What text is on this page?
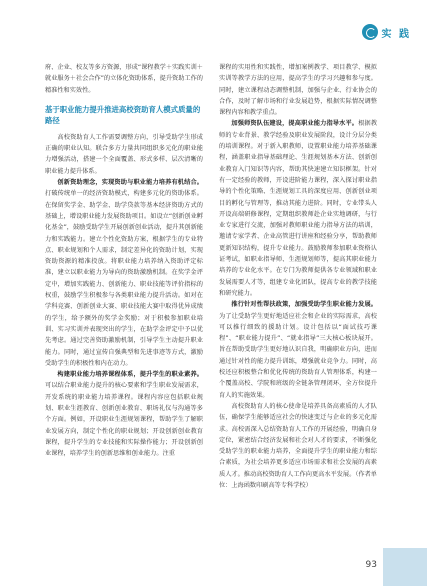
实 践

府、企业、校友等多方资源，形成“课程教学＋实践实训＋就业服务＋社会合作”的立体化资助体系，提升资助工作的精准性和实效性。

基于职业能力提升推进高校资助育人模式质量的路径

高校资助育人工作需要调整方向，引导受助学生形成正确的职业认知。联合多方力量共同组织多元化的职业能力增强活动，搭建一个全面覆盖、形式多样、层次清晰的职业能力提升体系。

创新资助理念，实现资助与职业能力培养有机结合。打破传统单一的经济资助模式，构建多元化的资助体系。在保留奖学金、助学金、助学贷款等基本经济资助方式的基础上，增设职业能力发展资助项目。如设立“创新创业孵化基金”，鼓励受助学生开展创新创业活动，提升其创新能力和实践能力。建立个性化资助方案，根据学生的专业特点、职业规划和个人需求，制定差异化的资助计划，实现资助资源的精准投放。将职业能力培养纳入资助评定标准，建立以职业能力为导向的资助激励机制。在奖学金评定中，增加实践能力、创新能力、职业技能等评价指标的权重，鼓励学生积极参与各类职业能力提升活动。如对在学科竞赛、创新创业大赛、职业技能大赛中取得优异成绩的学生，给予额外的奖学金奖励；对于积极参加职业培训、实习实训并表现突出的学生，在助学金评定中予以优先考虑。通过完善资助激励机制，引导学生主动提升职业能力。同时，通过宣传自强典型和先进事迹等方式，激励受助学生的积极性和内在动力。

构建职业能力培养课程体系，提升学生的职业素养。可以结合职业能力提升的核心要素和学生职业发展需求，开发系统的职业能力培养课程。课程内容应包括职业规划、职业生涯教育、创新创业教育、职场礼仪与沟通等多个方面。例如，开设职业生涯规划课程，帮助学生了解职业发展方向，制定个性化的职业规划；开设创新创业教育课程，提升学生的专业技能和实际操作能力；开设创新创业课程，培养学生的创新思维和创业能力。注重

课程的实用性和实践性，增加案例教学、项目教学、模拟实训等教学方法的应用，提高学生的学习兴趣和参与度。同时，建立课程动态调整机制，加强与企业、行业协会的合作，及时了解市场和行业发展趋势，根据实际情况调整课程内容和教学重点。

加强师资队伍建设，提高职业能力指导水平。根据教师的专业背景、教学经验及职业发展阶段，设计分层分类的培训课程。对于新入职教师，设置职业能力培养基础课程，涵盖职业指导基础理论、生涯规划基本方法、创新创业教育入门知识等内容，帮助其快速建立知识框架。针对有一定经验的教师，开设进阶能力课程，深入探讨职业指导的个性化策略、生涯规划工具的深度应用、创新创业项目的孵化与管理等，推动其能力进阶。同时，专业带头人开设高端研修课程，定期组织教师赴企业实地调研，与行业专家进行交流，加强对教师职业能力指导方法的培训，邀请专家学者、企业高管进行讲座和经验分享，帮助教师更新知识结构，提升专业能力。鼓励教师参加职业资格认证考试，如职业指导师、生涯规划师等，提高其职业能力培养的专业化水平。在专门为教师提供各专业领域和职业发展需要人才等，组建专业化团队，提高专业的教学技能和研究能力。

推行针对性帮扶政策，加强受助学生职业能力发展。为了让受助学生更好地适应社会和企业的实际需求，高校可以推行细致的援助计划。设计包括以“面试技巧课程”、“职业能力提升”、“就业指导”三大核心板块展开。旨在帮助受助学生更好地认识自我，明确职业方向，进而通过针对性的能力提升训练，增强就业竞争力。同时，高校还应积极整合和优化传统的资助育人管理体系，构建一个覆盖高校、学院和班级的全链条管理闭环，全方位提升育人的实施效果。

高校资助育人的核心使命是培养具备高素质的人才队伍，确保学生能够适应社会的快速变迁与企业的多元化需求。高校需深入总结资助育人工作的开展经验，明确自身定位，紧密结合经济发展和社会对人才的要求，不断强化受助学生的职业能力培养，全面提升学生的职业能力和综合素质，为社会培养更多适应市场需求和社会发展的高素质人才。推动高校资助育人工作向更高水平发展。（作者单位：上海函数印刷高等专科学校）

93
